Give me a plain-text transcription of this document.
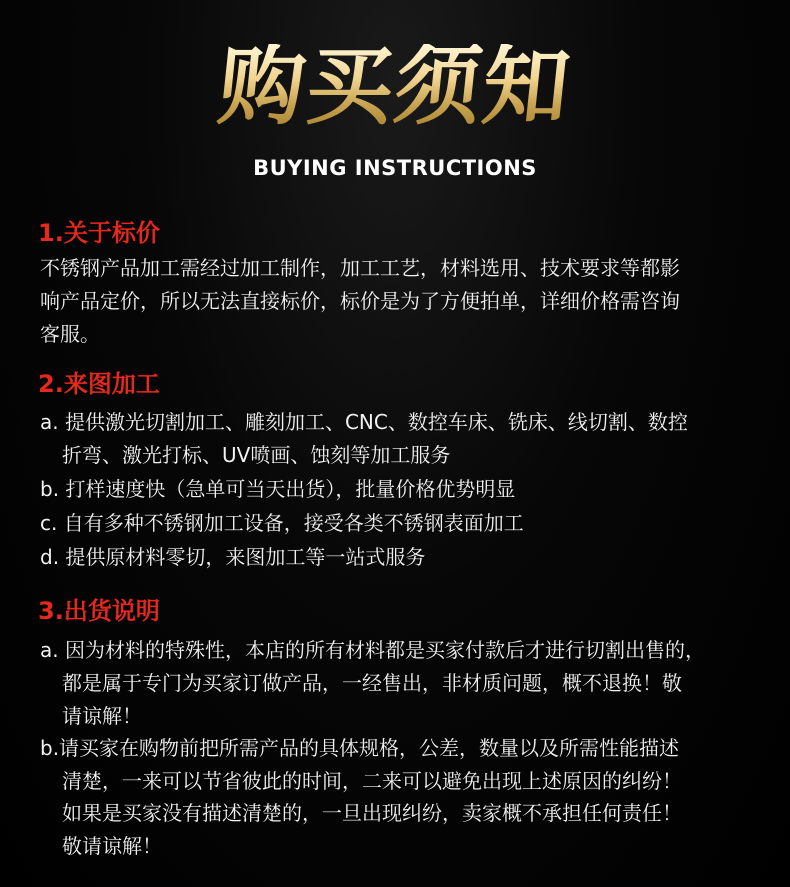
购买须知

BUYING INSTRUCTIONS

1.关于标价

不锈钢产品加工需经过加工制作，加工工艺，材料选用、技术要求等都影

响产品定价，所以无法直接标价，标价是为了方便拍单，详细价格需咨询

客服。

2.来图加工

a. 提供激光切割加工、雕刻加工、CNC、数控车床、铣床、线切割、数控

折弯、激光打标、UV喷画、蚀刻等加工服务

b. 打样速度快（急单可当天出货），批量价格优势明显

c. 自有多种不锈钢加工设备，接受各类不锈钢表面加工

d. 提供原材料零切，来图加工等一站式服务

3.出货说明

a. 因为材料的特殊性，本店的所有材料都是买家付款后才进行切割出售的，

都是属于专门为买家订做产品，一经售出，非材质问题，概不退换！敬

请谅解！

b.请买家在购物前把所需产品的具体规格，公差，数量以及所需性能描述

清楚，一来可以节省彼此的时间，二来可以避免出现上述原因的纠纷！

如果是买家没有描述清楚的，一旦出现纠纷，卖家概不承担任何责任！

敬请谅解！
